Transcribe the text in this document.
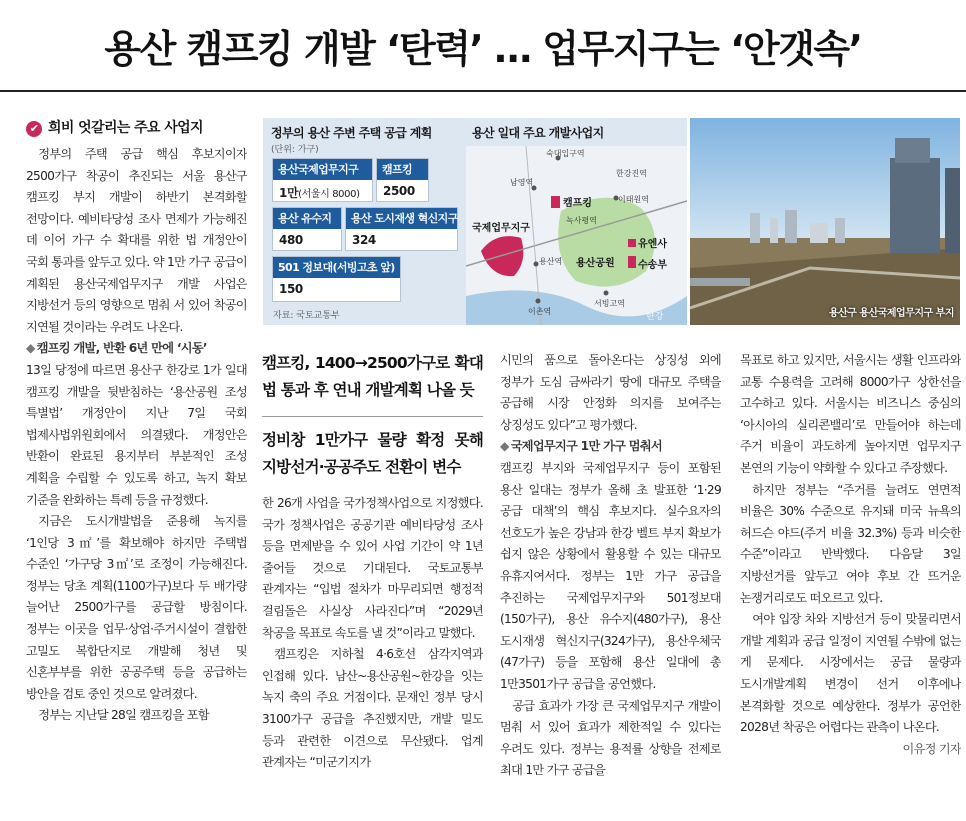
용산 캠프킹 개발 ‘탄력’ … 업무지구는 ‘안갯속’
✔ 희비 엇갈리는 주요 사업지

정부의 주택 공급 핵심 후보지이자 2500가구 착공이 추진되는 서울 용산구 캠프킹 부지 개발이 하반기 본격화할 전망이다. 예비타당성 조사 면제가 가능해진 데 이어 가구 수 확대를 위한 법 개정안이 국회 통과를 앞두고 있다. 약 1만 가구 공급이 계획된 용산국제업무지구 개발 사업은 지방선거 등의 영향으로 멈춰 서 있어 착공이 지연될 것이라는 우려도 나온다.

◆ 캠프킹 개발, 반환 6년 만에 ‘시동’

13일 당정에 따르면 용산구 한강로 1가 일대 캠프킹 개발을 뒷받침하는 ‘용산공원 조성 특별법’ 개정안이 지난 7일 국회 법제사법위원회에서 의결됐다. 개정안은 반환이 완료된 용지부터 부분적인 조성 계획을 수립할 수 있도록 하고, 녹지 확보 기준을 완화하는 특례 등을 규정했다.

지금은 도시개발법을 준용해 녹지를 ‘1인당 3㎡’를 확보해야 하지만 주택법 수준인 ‘가구당 3㎡’로 조정이 가능해진다. 정부는 당초 계획(1100가구)보다 두 배가량 늘어난 2500가구를 공급할 방침이다. 정부는 이곳을 업무·상업·주거시설이 결합한 고밀도 복합단지로 개발해 청년 및 신혼부부를 위한 공공주택 등을 공급하는 방안을 검토 중인 것으로 알려졌다.

정부는 지난달 28일 캠프킹을 포함

정부의 용산 주변 주택 공급 계획
(단위: 가구)
용산 일대 주요 개발사업지
용산국제업무지구
1만(서울시 8000)
캠프킹
2500
용산 유수지
480
용산 도시재생 혁신지구
324
501 정보대(서빙고초 앞)
150
자료: 국토교통부
숙대입구역
남영역
한강진역
캠프킹
녹사평역
이태원역
국제업무지구
용산역 용산공원
유엔사
수송부
서빙고역
이촌역
한강	용산구 용산국제업무지구 부지
캠프킹, 1400→2500가구로 확대 법 통과 후 연내 개발계획 나올 듯
정비창 1만가구 물량 확정 못해 지방선거·공공주도 전환이 변수

한 26개 사업을 국가정책사업으로 지정했다. 국가 정책사업은 공공기관 예비타당성 조사 등을 면제받을 수 있어 사업 기간이 약 1년 줄어들 것으로 기대된다. 국토교통부 관계자는 “입법 절차가 마무리되면 행정적 걸림돌은 사실상 사라진다”며 “2029년 착공을 목표로 속도를 낼 것”이라고 말했다.

캠프킹은 지하철 4·6호선 삼각지역과 인접해 있다. 남산~용산공원~한강을 잇는 녹지 축의 주요 거점이다. 문재인 정부 당시 3100가구 공급을 추진했지만, 개발 밀도 등과 관련한 이견으로 무산됐다. 업계 관계자는 “미군기지가

시민의 품으로 돌아온다는 상징성 외에 정부가 도심 금싸라기 땅에 대규모 주택을 공급해 시장 안정화 의지를 보여주는 상징성도 있다”고 평가했다.

◆ 국제업무지구 1만 가구 멈춰서

캠프킹 부지와 국제업무지구 등이 포함된 용산 일대는 정부가 올해 초 발표한 ‘1·29 공급 대책’의 핵심 후보지다. 실수요자의 선호도가 높은 강남과 한강 벨트 부지 확보가 쉽지 않은 상황에서 활용할 수 있는 대규모 유휴지여서다. 정부는 1만 가구 공급을 추진하는 국제업무지구와 501정보대(150가구), 용산 유수지(480가구), 용산 도시재생 혁신지구(324가구), 용산우체국(47가구) 등을 포함해 용산 일대에 총 1만3501가구 공급을 공언했다.

공급 효과가 가장 큰 국제업무지구 개발이 멈춰 서 있어 효과가 제한적일 수 있다는 우려도 있다. 정부는 용적률 상향을 전제로 최대 1만 가구 공급을

목표로 하고 있지만, 서울시는 생활 인프라와 교통 수용력을 고려해 8000가구 상한선을 고수하고 있다. 서울시는 비즈니스 중심의 ‘아시아의 실리콘밸리’로 만들어야 하는데 주거 비율이 과도하게 높아지면 업무지구 본연의 기능이 약화할 수 있다고 주장했다.

하지만 정부는 “주거를 늘려도 연면적 비율은 30% 수준으로 유지돼 미국 뉴욕의 허드슨 야드(주거 비율 32.3%) 등과 비슷한 수준”이라고 반박했다. 다음달 3일 지방선거를 앞두고 여야 후보 간 뜨거운 논쟁거리로도 떠오르고 있다.

여야 입장 차와 지방선거 등이 맞물리면서 개발 계획과 공급 일정이 지연될 수밖에 없는 게 문제다. 시장에서는 공급 물량과 도시개발계획 변경이 선거 이후에나 본격화할 것으로 예상한다. 정부가 공언한 2028년 착공은 어렵다는 관측이 나온다.
이유정 기자
